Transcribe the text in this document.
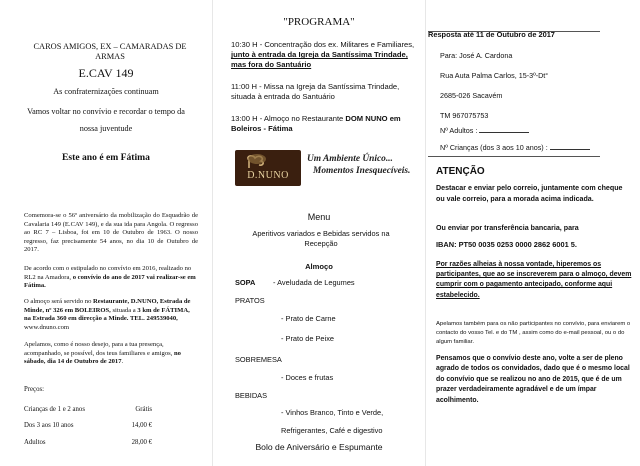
CAROS AMIGOS, EX – CAMARADAS DE ARMAS
E.CAV 149
As confraternizações continuam
Vamos voltar no convívio e recordar o tempo da
nossa juventude
Este ano é em Fátima

Comemora-se o 56º aniversário da mobilização do Esquadrão de Cavalaria 149 (E.CAV 149), e da sua ida para Angola. O regresso ao RC 7 – Lisboa, foi em 10 de Outubro de 1963. O nosso regresso, faz precisamente 54 anos, no dia 10 de Outubro de 2017.

De acordo com o estipulado no convívio em 2016, realizado no RL2 na Amadora, o convívio do ano de 2017 vai realizar-se em Fátima.

O almoço será servido no Restaurante, D.NUNO, Estrada de Minde, nº 326 em BOLEIROS, situada a 3 km de FÁTIMA, na Estrada 360 em direcção a Minde. TEL. 249539040, www.dnuno.com

Apelamos, como é nosso desejo, para a tua presença, acompanhado, se possível, dos teus familiares e amigos, no sábado, dia 14 de Outubro de 2017.

Preços:
Crianças de 1 e 2 anos	Grátis
Dos 3 aos 10 anos	14,00 €
Adultos	28,00 €
"PROGRAMA"

10:30 H - Concentração dos ex. Militares e Familiares, junto à entrada da Igreja da Santíssima Trindade, mas fora do Santuário

11:00 H - Missa na Igreja da Santíssima Trindade, situada à entrada do Santuário

13:00 H - Almoço no Restaurante DOM NUNO em Boleiros - Fátima

D.NUNO
Um Ambiente Único...
Momentos Inesquecíveis.
Menu
Aperitivos variados e Bebidas servidos na Recepção
Almoço
SOPA - Aveludada de Legumes
PRATOS
- Prato de Carne
- Prato de Peixe
SOBREMESA
- Doces e frutas
BEBIDAS
- Vinhos Branco, Tinto e Verde,
Refrigerantes, Café e digestivo
Bolo de Aniversário e Espumante
Resposta até 11 de Outubro de 2017
Para: José A. Cardona
Rua Auta Palma Carlos, 15-3º-Dt°
2685-026 Sacavém
TM 967075753
Nº Adultos :
Nº Crianças (dos 3 aos 10 anos) :
ATENÇÃO

Destacar e enviar pelo correio, juntamente com cheque ou vale correio, para a morada acima indicada.

Ou enviar por transferência bancaria, para

IBAN: PT50 0035 0253 0000 2862 6001 5.

Por razões alheias à nossa vontade, hiperemos os participantes, que ao se inscreverem para o almoço, devem cumprir com o pagamento antecipado, conforme aqui estabelecido.

Apelamos também para os não participantes no convívio, para enviarem o contacto do vosso Tel. e do TM , assim como do e-mail pessoal, ou o do algum familiar.

Pensamos que o convívio deste ano, volte a ser de pleno agrado de todos os convidados, dado que é o mesmo local do convívio que se realizou no ano de 2015, que é de um prazer verdadeiramente agradável e de um ímpar acolhimento.
